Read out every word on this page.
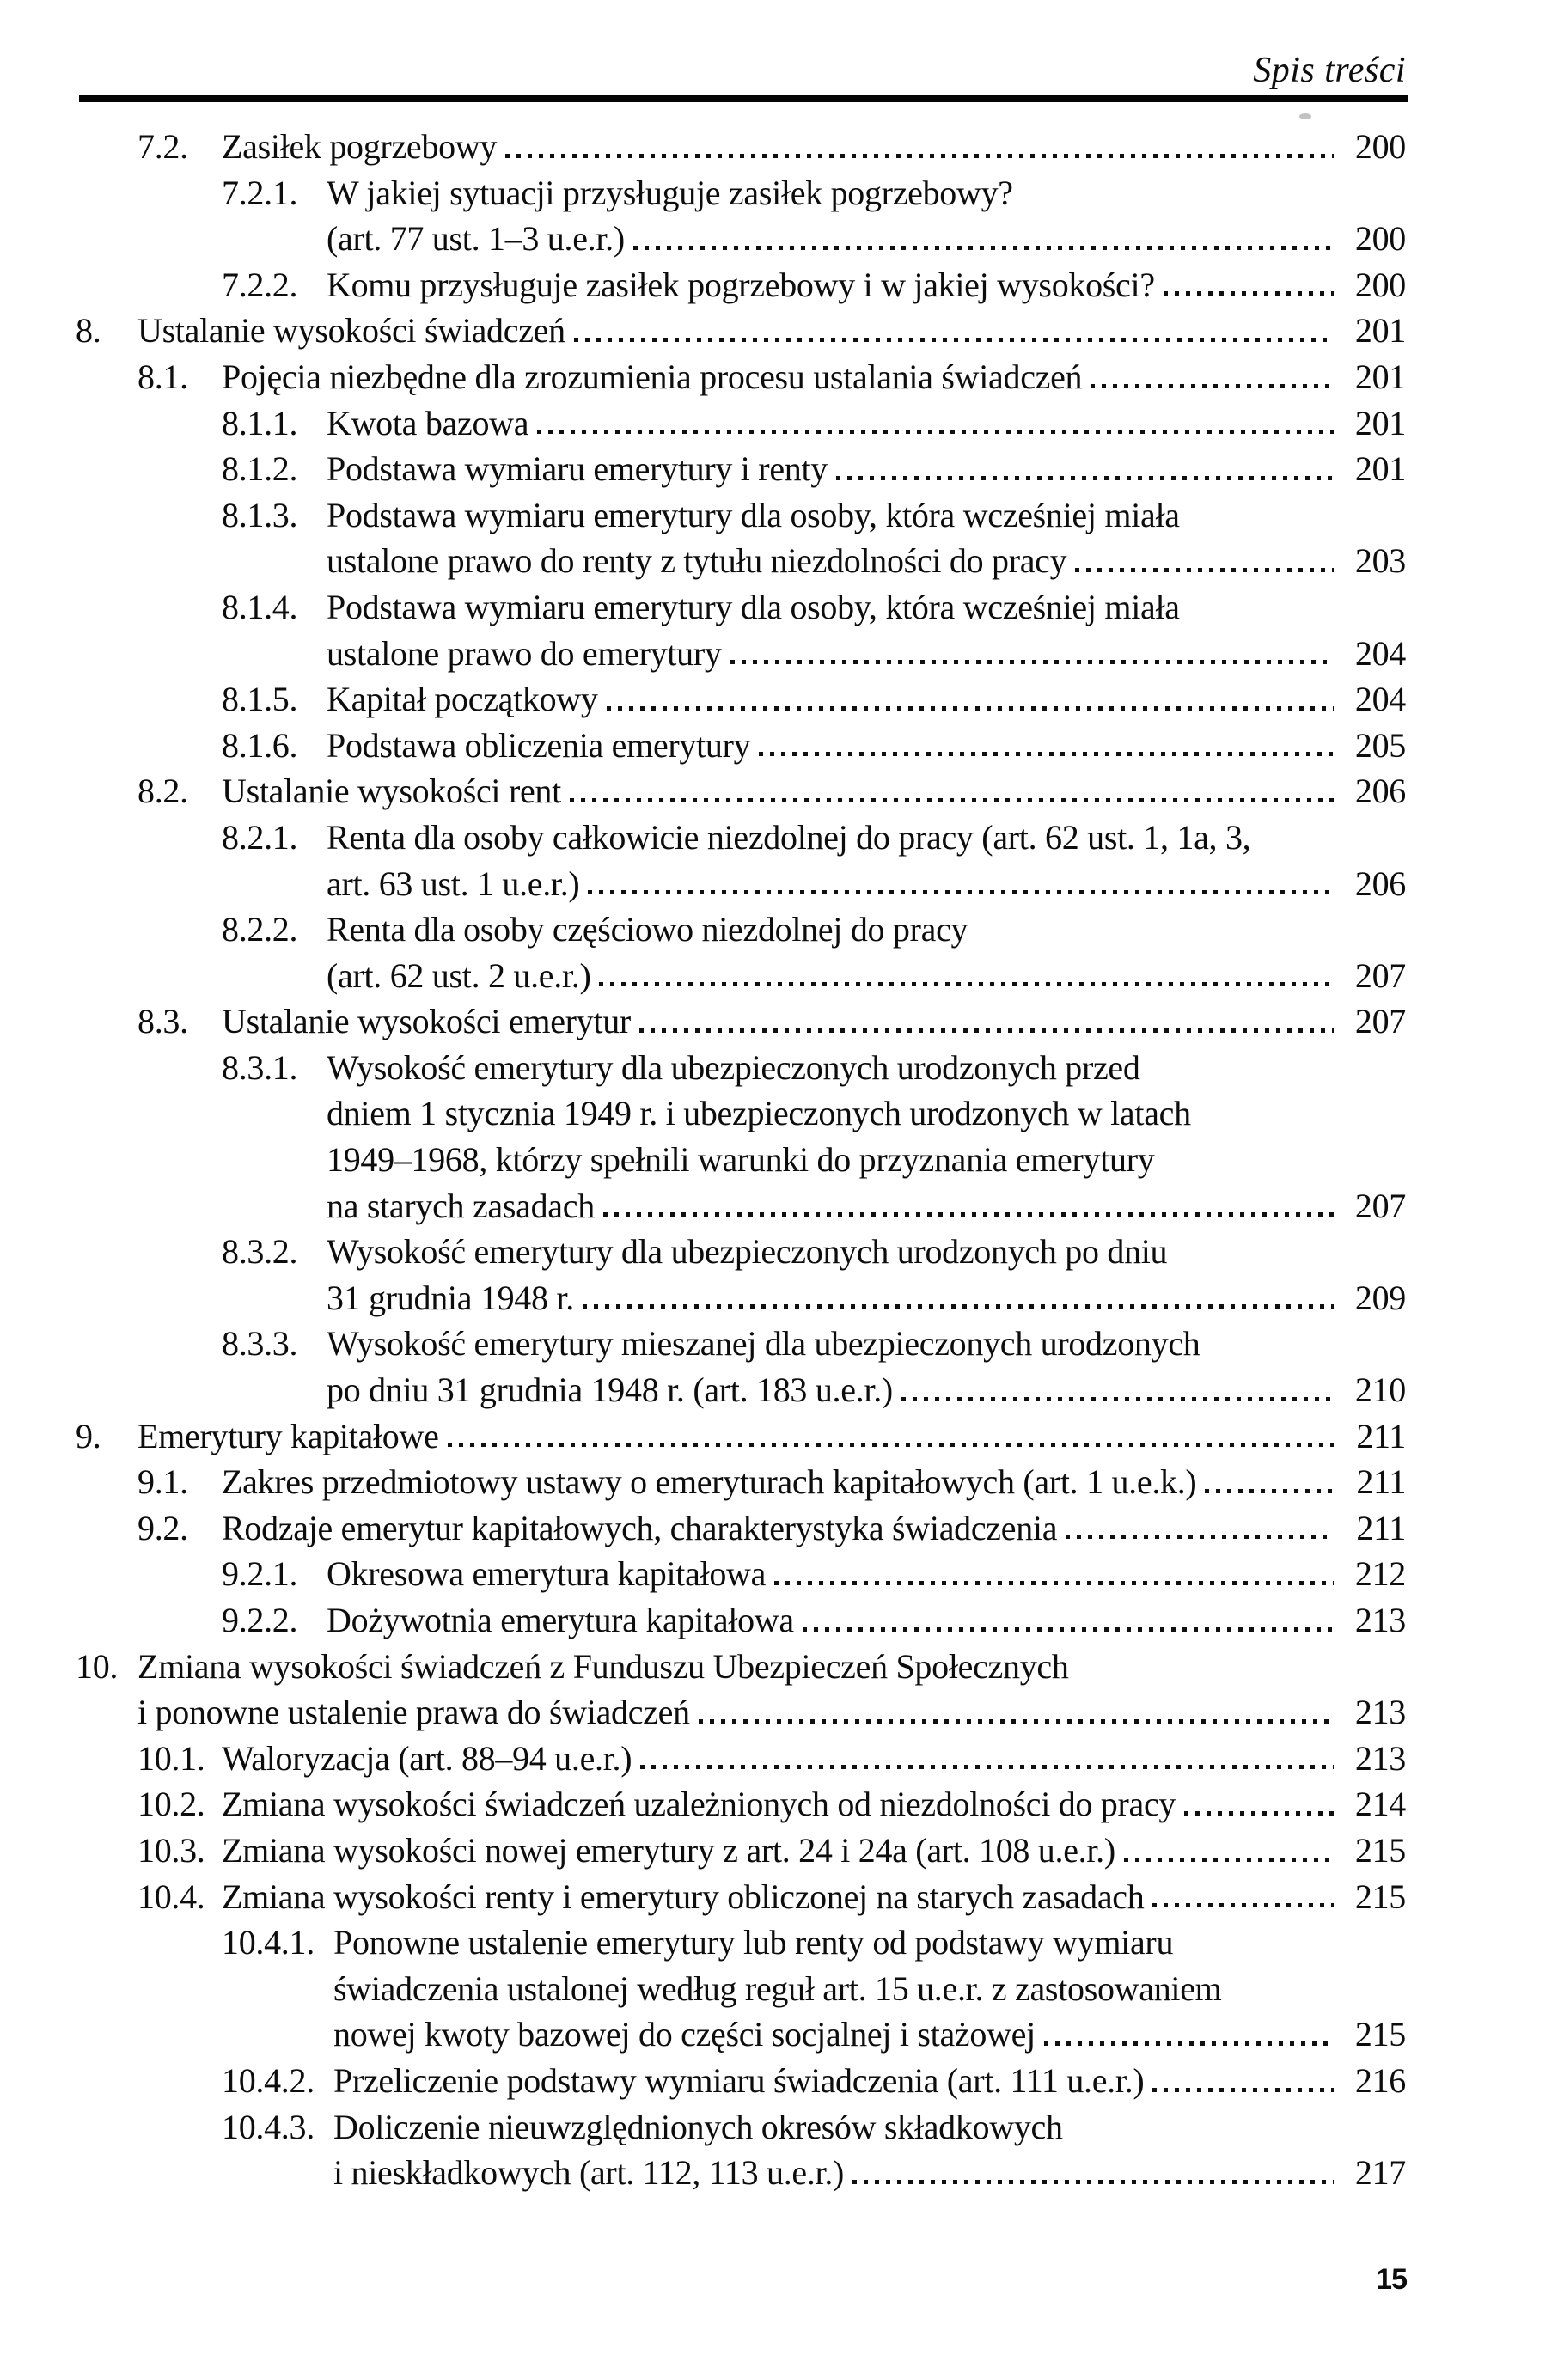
Spis treści
7.2. Zasiłek pogrzebowy	200
7.2.1. W jakiej sytuacji przysługuje zasiłek pogrzebowy?
(art. 77 ust. 1–3 u.e.r.)	200
7.2.2. Komu przysługuje zasiłek pogrzebowy i w jakiej wysokości?	200
8.	Ustalanie wysokości świadczeń	201
8.1. Pojęcia niezbędne dla zrozumienia procesu ustalania świadczeń	201
8.1.1. Kwota bazowa	201
8.1.2. Podstawa wymiaru emerytury i renty	201
8.1.3. Podstawa wymiaru emerytury dla osoby, która wcześniej miała
ustalone prawo do renty z tytułu niezdolności do pracy	203
8.1.4. Podstawa wymiaru emerytury dla osoby, która wcześniej miała
ustalone prawo do emerytury	204
8.1.5. Kapitał początkowy	204
8.1.6. Podstawa obliczenia emerytury	205
8.2. Ustalanie wysokości rent	206
8.2.1. Renta dla osoby całkowicie niezdolnej do pracy (art. 62 ust. 1, 1a, 3,
art. 63 ust. 1 u.e.r.)	206
8.2.2. Renta dla osoby częściowo niezdolnej do pracy
(art. 62 ust. 2 u.e.r.)	207
8.3. Ustalanie wysokości emerytur	207
8.3.1. Wysokość emerytury dla ubezpieczonych urodzonych przed
dniem 1 stycznia 1949 r. i ubezpieczonych urodzonych w latach
1949–1968, którzy spełnili warunki do przyznania emerytury
na starych zasadach	207
8.3.2. Wysokość emerytury dla ubezpieczonych urodzonych po dniu
31 grudnia 1948 r.	209
8.3.3. Wysokość emerytury mieszanej dla ubezpieczonych urodzonych
po dniu 31 grudnia 1948 r. (art. 183 u.e.r.)	210
9.	Emerytury kapitałowe	211
9.1. Zakres przedmiotowy ustawy o emeryturach kapitałowych (art. 1 u.e.k.)	211
9.2. Rodzaje emerytur kapitałowych, charakterystyka świadczenia	211
9.2.1. Okresowa emerytura kapitałowa	212
9.2.2. Dożywotnia emerytura kapitałowa	213
10. Zmiana wysokości świadczeń z Funduszu Ubezpieczeń Społecznych
i ponowne ustalenie prawa do świadczeń	213
10.1. Waloryzacja (art. 88–94 u.e.r.)	213
10.2. Zmiana wysokości świadczeń uzależnionych od niezdolności do pracy	214
10.3. Zmiana wysokości nowej emerytury z art. 24 i 24a (art. 108 u.e.r.)	215
10.4. Zmiana wysokości renty i emerytury obliczonej na starych zasadach	215
10.4.1. Ponowne ustalenie emerytury lub renty od podstawy wymiaru
świadczenia ustalonej według reguł art. 15 u.e.r. z zastosowaniem
nowej kwoty bazowej do części socjalnej i stażowej	215
10.4.2. Przeliczenie podstawy wymiaru świadczenia (art. 111 u.e.r.)	216
10.4.3. Doliczenie nieuwzględnionych okresów składkowych
i nieskładkowych (art. 112, 113 u.e.r.)	217
15
